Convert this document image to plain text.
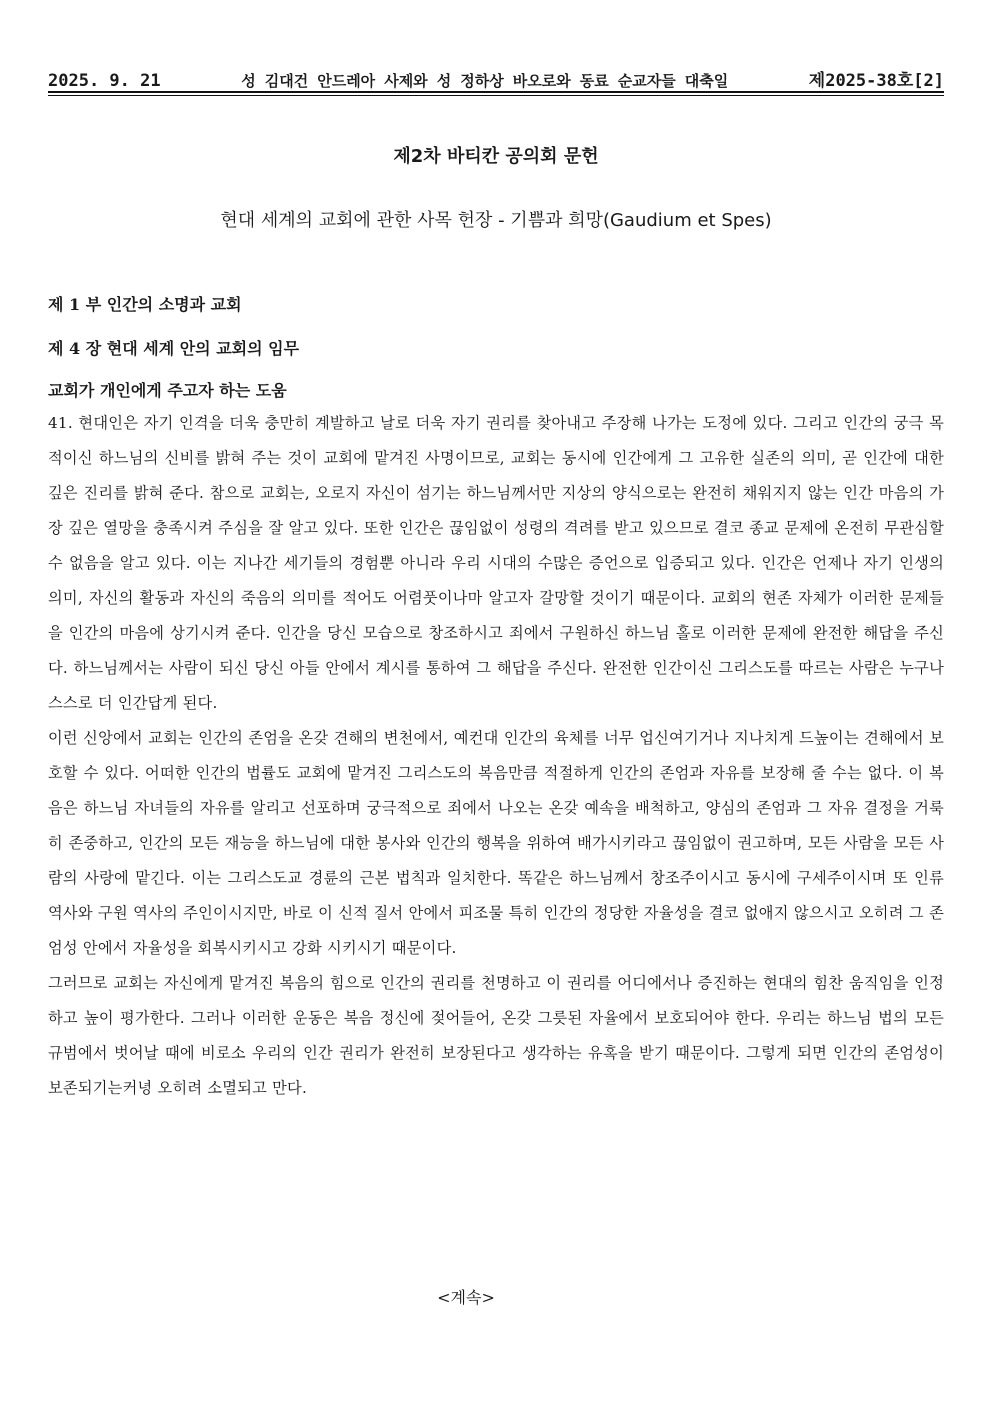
2025. 9. 21	성 김대건 안드레아 사제와 성 정하상 바오로와 동료 순교자들 대축일	제2025-38호[2]
제2차 바티칸 공의회 문헌
현대 세계의 교회에 관한 사목 헌장 - 기쁨과 희망(Gaudium et Spes)
제 1 부 인간의 소명과 교회
제 4 장 현대 세계 안의 교회의 임무
교회가 개인에게 주고자 하는 도움

41. 현대인은 자기 인격을 더욱 충만히 계발하고 날로 더욱 자기 권리를 찾아내고 주장해 나가는 도정에 있다. 그리고 인간의 궁극 목적이신 하느님의 신비를 밝혀 주는 것이 교회에 맡겨진 사명이므로, 교회는 동시에 인간에게 그 고유한 실존의 의미, 곧 인간에 대한 깊은 진리를 밝혀 준다. 참으로 교회는, 오로지 자신이 섬기는 하느님께서만 지상의 양식으로는 완전히 채워지지 않는 인간 마음의 가장 깊은 열망을 충족시켜 주심을 잘 알고 있다. 또한 인간은 끊임없이 성령의 격려를 받고 있으므로 결코 종교 문제에 온전히 무관심할 수 없음을 알고 있다. 이는 지나간 세기들의 경험뿐 아니라 우리 시대의 수많은 증언으로 입증되고 있다. 인간은 언제나 자기 인생의 의미, 자신의 활동과 자신의 죽음의 의미를 적어도 어렴풋이나마 알고자 갈망할 것이기 때문이다. 교회의 현존 자체가 이러한 문제들을 인간의 마음에 상기시켜 준다. 인간을 당신 모습으로 창조하시고 죄에서 구원하신 하느님 홀로 이러한 문제에 완전한 해답을 주신다. 하느님께서는 사람이 되신 당신 아들 안에서 계시를 통하여 그 해답을 주신다. 완전한 인간이신 그리스도를 따르는 사람은 누구나 스스로 더 인간답게 된다.

이런 신앙에서 교회는 인간의 존엄을 온갖 견해의 변천에서, 예컨대 인간의 육체를 너무 업신여기거나 지나치게 드높이는 견해에서 보호할 수 있다. 어떠한 인간의 법률도 교회에 맡겨진 그리스도의 복음만큼 적절하게 인간의 존엄과 자유를 보장해 줄 수는 없다. 이 복음은 하느님 자녀들의 자유를 알리고 선포하며 궁극적으로 죄에서 나오는 온갖 예속을 배척하고, 양심의 존엄과 그 자유 결정을 거룩히 존중하고, 인간의 모든 재능을 하느님에 대한 봉사와 인간의 행복을 위하여 배가시키라고 끊임없이 권고하며, 모든 사람을 모든 사람의 사랑에 맡긴다. 이는 그리스도교 경륜의 근본 법칙과 일치한다. 똑같은 하느님께서 창조주이시고 동시에 구세주이시며 또 인류 역사와 구원 역사의 주인이시지만, 바로 이 신적 질서 안에서 피조물 특히 인간의 정당한 자율성을 결코 없애지 않으시고 오히려 그 존엄성 안에서 자율성을 회복시키시고 강화 시키시기 때문이다.

그러므로 교회는 자신에게 맡겨진 복음의 힘으로 인간의 권리를 천명하고 이 권리를 어디에서나 증진하는 현대의 힘찬 움직임을 인정하고 높이 평가한다. 그러나 이러한 운동은 복음 정신에 젖어들어, 온갖 그릇된 자율에서 보호되어야 한다. 우리는 하느님 법의 모든 규범에서 벗어날 때에 비로소 우리의 인간 권리가 완전히 보장된다고 생각하는 유혹을 받기 때문이다. 그렇게 되면 인간의 존엄성이 보존되기는커녕 오히려 소멸되고 만다.

<계속>
